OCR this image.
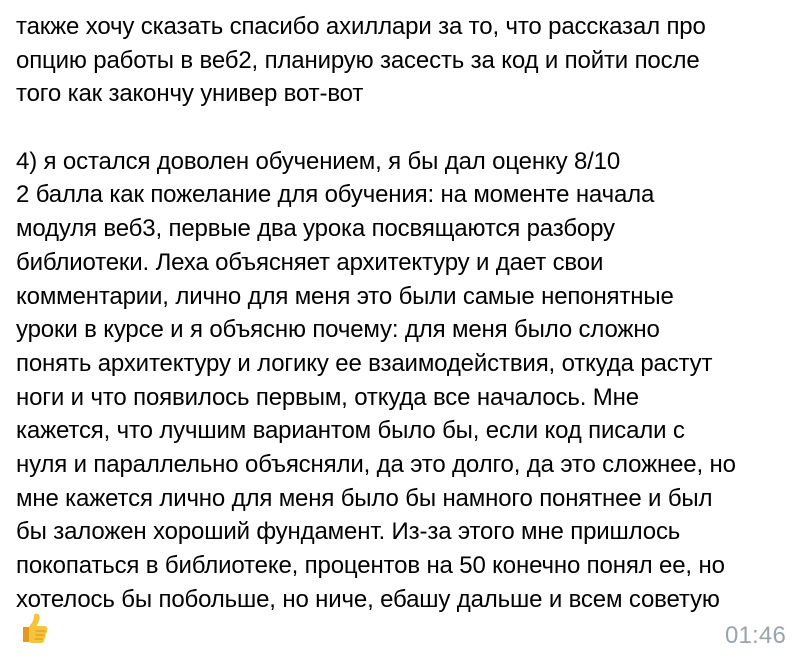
также хочу сказать спасибо ахиллари за то, что рассказал про
опцию работы в веб2, планирую засесть за код и пойти после
того как закончу универ вот-вот
4) я остался доволен обучением, я бы дал оценку 8/10
2 балла как пожелание для обучения: на моменте начала
модуля веб3, первые два урока посвящаются разбору
библиотеки. Леха объясняет архитектуру и дает свои
комментарии, лично для меня это были самые непонятные
уроки в курсе и я объясню почему: для меня было сложно
понять архитектуру и логику ее взаимодействия, откуда растут
ноги и что появилось первым, откуда все началось. Мне
кажется, что лучшим вариантом было бы, если код писали с
нуля и параллельно объясняли, да это долго, да это сложнее, но
мне кажется лично для меня было бы намного понятнее и был
бы заложен хороший фундамент. Из-за этого мне пришлось
покопаться в библиотеке, процентов на 50 конечно понял ее, но
хотелось бы побольше, но ниче, ебашу дальше и всем советую
01:46
